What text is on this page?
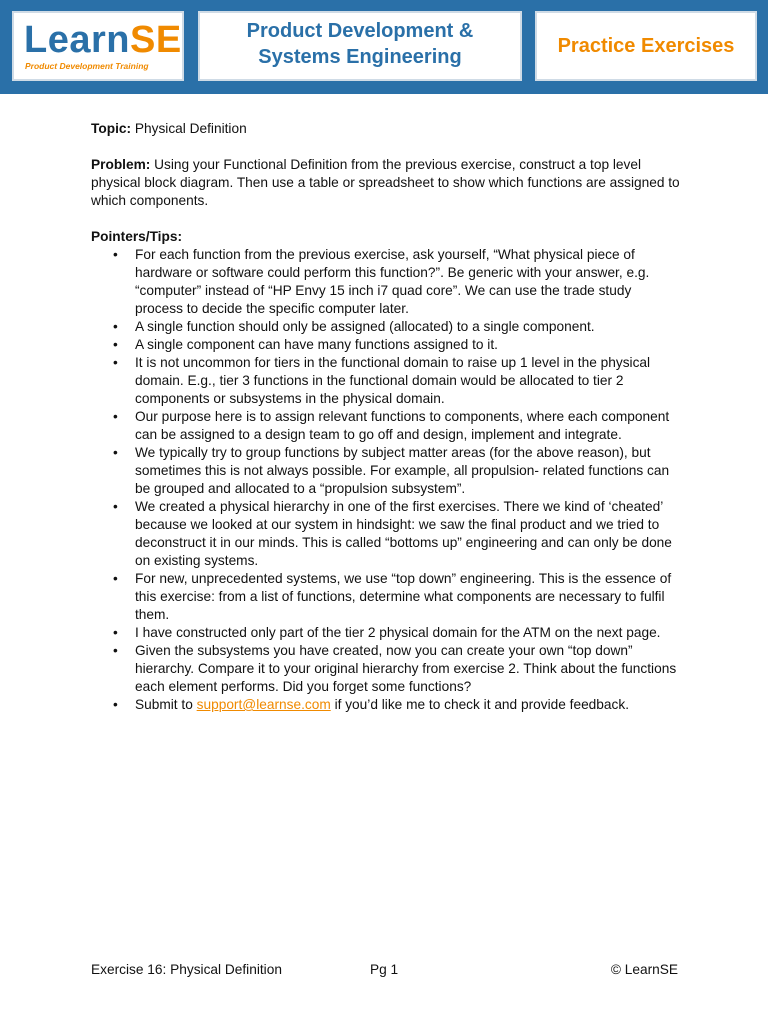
LearnSE
Product Development Training
Product Development &
Systems Engineering	Practice Exercises

Topic: Physical Definition

Problem: Using your Functional Definition from the previous exercise, construct a top level physical block diagram. Then use a table or spreadsheet to show which functions are assigned to which components.

Pointers/Tips:

• For each function from the previous exercise, ask yourself, “What physical piece of hardware or software could perform this function?”. Be generic with your answer, e.g. “computer” instead of “HP Envy 15 inch i7 quad core”. We can use the trade study process to decide the specific computer later.
• A single function should only be assigned (allocated) to a single component.
• A single component can have many functions assigned to it.
• It is not uncommon for tiers in the functional domain to raise up 1 level in the physical domain. E.g., tier 3 functions in the functional domain would be allocated to tier 2 components or subsystems in the physical domain.
• Our purpose here is to assign relevant functions to components, where each component can be assigned to a design team to go off and design, implement and integrate.
• We typically try to group functions by subject matter areas (for the above reason), but sometimes this is not always possible. For example, all propulsion- related functions can be grouped and allocated to a “propulsion subsystem”.
• We created a physical hierarchy in one of the first exercises. There we kind of ‘cheated’ because we looked at our system in hindsight: we saw the final product and we tried to deconstruct it in our minds. This is called “bottoms up” engineering and can only be done on existing systems.
• For new, unprecedented systems, we use “top down” engineering. This is the essence of this exercise: from a list of functions, determine what components are necessary to fulfil them.
• I have constructed only part of the tier 2 physical domain for the ATM on the next page.
• Given the subsystems you have created, now you can create your own “top down” hierarchy. Compare it to your original hierarchy from exercise 2. Think about the functions each element performs. Did you forget some functions?
• Submit to support@learnse.com if you’d like me to check it and provide feedback.
Exercise 16: Physical Definition	Pg 1	© LearnSE
